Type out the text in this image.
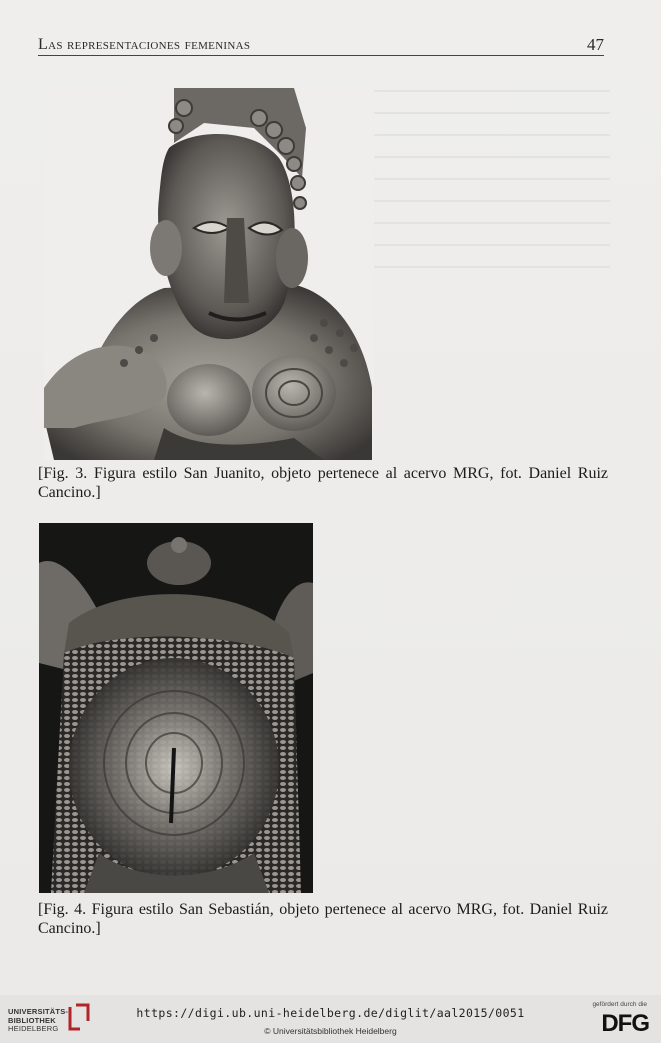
Las representaciones femeninas	47
[Fig. 3. Figura estilo San Juanito, objeto pertenece al acervo MRG, fot. Daniel Ruiz Cancino.]
[Fig. 4. Figura estilo San Sebastián, objeto pertenece al acervo MRG, fot. Daniel Ruiz Cancino.]
UNIVERSITÄTS-
BIBLIOTHEK
HEIDELBERG
https://digi.ub.uni-heidelberg.de/diglit/aal2015/0051
© Universitätsbibliothek Heidelberg
gefördert durch die
DFG
